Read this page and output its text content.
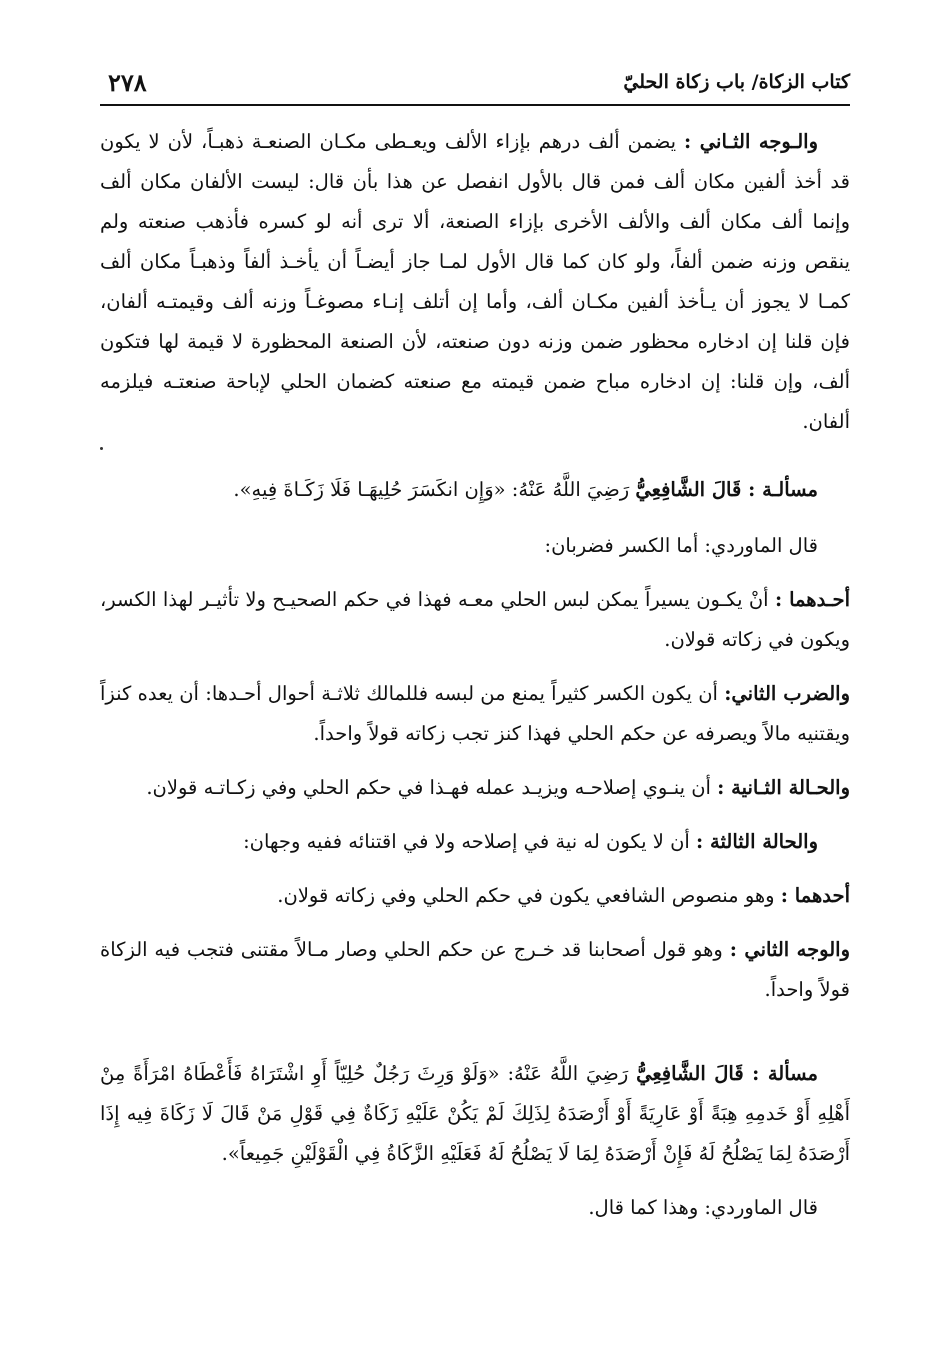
كتاب الزكاة/ باب زكاة الحليّ
٢٧٨

والـوجه الثـاني : يضمن ألف درهم بإزاء الألف ويعـطى مكـان الصنعـة ذهبـاً، لأن لا يكون قد أخذ ألفين مكان ألف فمن قال بالأول انفصل عن هذا بأن قال: ليست الألفان مكان ألف وإنما ألف مكان ألف والألف الأخرى بإزاء الصنعة، ألا ترى أنه لو كسره فأذهب صنعته ولم ينقص وزنه ضمن ألفاً، ولو كان كما قال الأول لمـا جاز أيضـاً أن يأخـذ ألفاً وذهبـاً مكان ألف كمـا لا يجوز أن يـأخذ ألفين مكـان ألف، وأما إن أتلف إنـاء مصوغـاً وزنه ألف وقيمتـه ألفان، فإن قلنا إن ادخاره محظور ضمن وزنه دون صنعته، لأن الصنعة المحظورة لا قيمة لها فتكون ألف، وإن قلنا: إن ادخاره مباح ضمن قيمته مع صنعته كضمان الحلي لإباحة صنعتـه فيلزمه ألفان.

مسألـة : قَالَ الشَّافِعِيُّ رَضِيَ اللَّهُ عَنْهُ: «وَإِن انكَسَرَ حُلِيهَـا فَلَا زَكَـاةَ فِيهِ».

قال الماوردي: أما الكسر فضربان:

أحـدهما : أنْ يكـون يسيراً يمكن لبس الحلي معـه فهذا في حكم الصحيـح ولا تأثيـر لهذا الكسر، ويكون في زكاته قولان.

والضرب الثاني: أن يكون الكسر كثيراً يمنع من لبسه فللمالك ثلاثـة أحوال أحـدها: أن يعده كنزاً ويقتنيه مالاً ويصرفه عن حكم الحلي فهذا كنز تجب زكاته قولاً واحداً.

والحـالة الثـانية : أن ينـوي إصلاحـه ويزيـد عمله فهـذا في حكم الحلي وفي زكـاتـه قولان.

والحالة الثالثة : أن لا يكون له نية في إصلاحه ولا في اقتنائه ففيه وجهان:

أحدهما : وهو منصوص الشافعي يكون في حكم الحلي وفي زكاته قولان.

والوجه الثاني : وهو قول أصحابنا قد خـرج عن حكم الحلي وصار مـالاً مقتنى فتجب فيه الزكاة قولاً واحداً.

مسألة : قَالَ الشَّافِعِيُّ رَضِيَ اللَّهُ عَنْهُ: «وَلَوْ وَرِثَ رَجُلٌ حُلِيّاً أَوِ اشْتَرَاهُ فَأَعْطَاهُ امْرَأَةً مِنْ أَهْلِهِ أَوْ خَدمِهِ هِبَةً أَوْ عَارِيَةً أَوْ أَرْصَدَهُ لِذَلِكَ لَمْ يَكُنْ عَلَيْهِ زَكَاةٌ فِي قَوْلِ مَنْ قَالَ لَا زَكَاةَ فِيه إِذَا أَرْصَدَهُ لِمَا يَصْلُحُ لَهُ فَإِنْ أَرْصَدَهُ لِمَا لَا يَصْلُحُ لَهُ فَعَلَيْهِ الزَّكَاةُ فِي الْقَوْلَيْنِ جَمِيعاً».

قال الماوردي: وهذا كما قال.
